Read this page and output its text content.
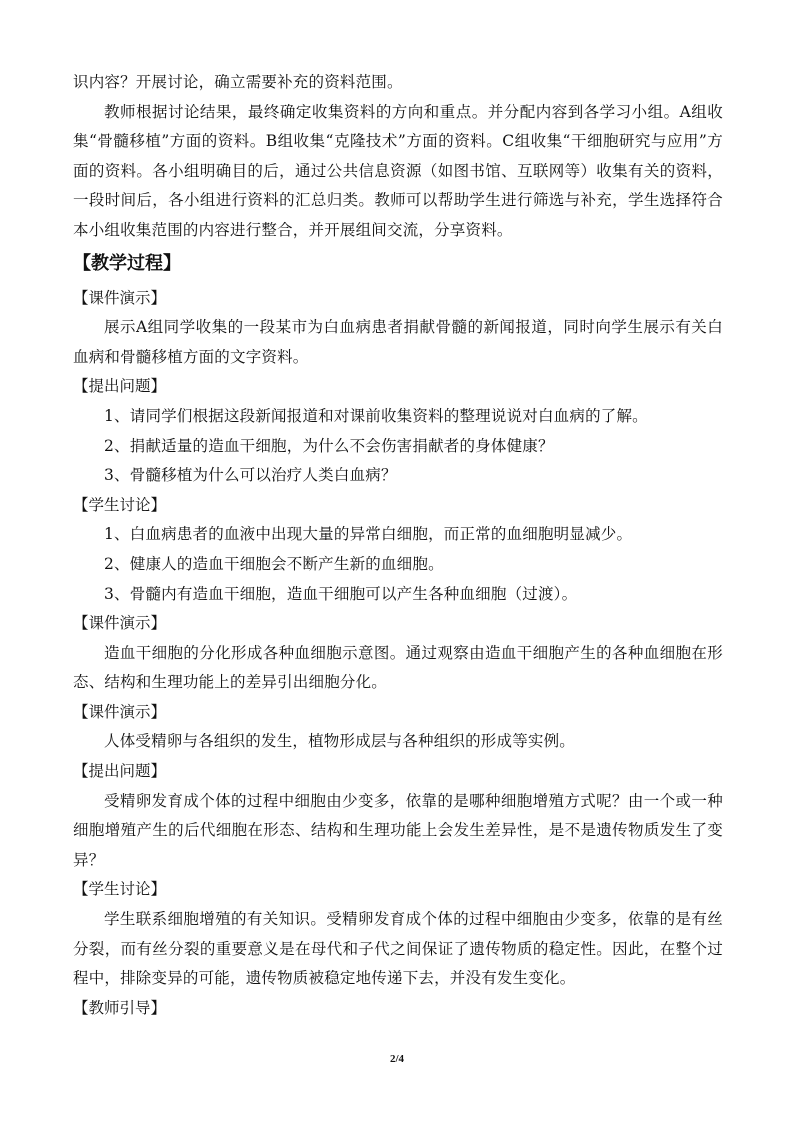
识内容？开展讨论，确立需要补充的资料范围。

教师根据讨论结果，最终确定收集资料的方向和重点。并分配内容到各学习小组。A组收集“骨髓移植”方面的资料。B组收集“克隆技术”方面的资料。C组收集“干细胞研究与应用”方面的资料。各小组明确目的后，通过公共信息资源（如图书馆、互联网等）收集有关的资料，一段时间后，各小组进行资料的汇总归类。教师可以帮助学生进行筛选与补充，学生选择符合本小组收集范围的内容进行整合，并开展组间交流，分享资料。

【教学过程】
【课件演示】

展示A组同学收集的一段某市为白血病患者捐献骨髓的新闻报道，同时向学生展示有关白血病和骨髓移植方面的文字资料。

【提出问题】

1、请同学们根据这段新闻报道和对课前收集资料的整理说说对白血病的了解。

2、捐献适量的造血干细胞，为什么不会伤害捐献者的身体健康？

3、骨髓移植为什么可以治疗人类白血病？

【学生讨论】

1、白血病患者的血液中出现大量的异常白细胞，而正常的血细胞明显减少。

2、健康人的造血干细胞会不断产生新的血细胞。

3、骨髓内有造血干细胞，造血干细胞可以产生各种血细胞（过渡）。

【课件演示】

造血干细胞的分化形成各种血细胞示意图。通过观察由造血干细胞产生的各种血细胞在形态、结构和生理功能上的差异引出细胞分化。

【课件演示】

人体受精卵与各组织的发生，植物形成层与各种组织的形成等实例。

【提出问题】

受精卵发育成个体的过程中细胞由少变多，依靠的是哪种细胞增殖方式呢？由一个或一种细胞增殖产生的后代细胞在形态、结构和生理功能上会发生差异性，是不是遗传物质发生了变异？

【学生讨论】

学生联系细胞增殖的有关知识。受精卵发育成个体的过程中细胞由少变多，依靠的是有丝分裂，而有丝分裂的重要意义是在母代和子代之间保证了遗传物质的稳定性。因此，在整个过程中，排除变异的可能，遗传物质被稳定地传递下去，并没有发生变化。

【教师引导】
2/4
